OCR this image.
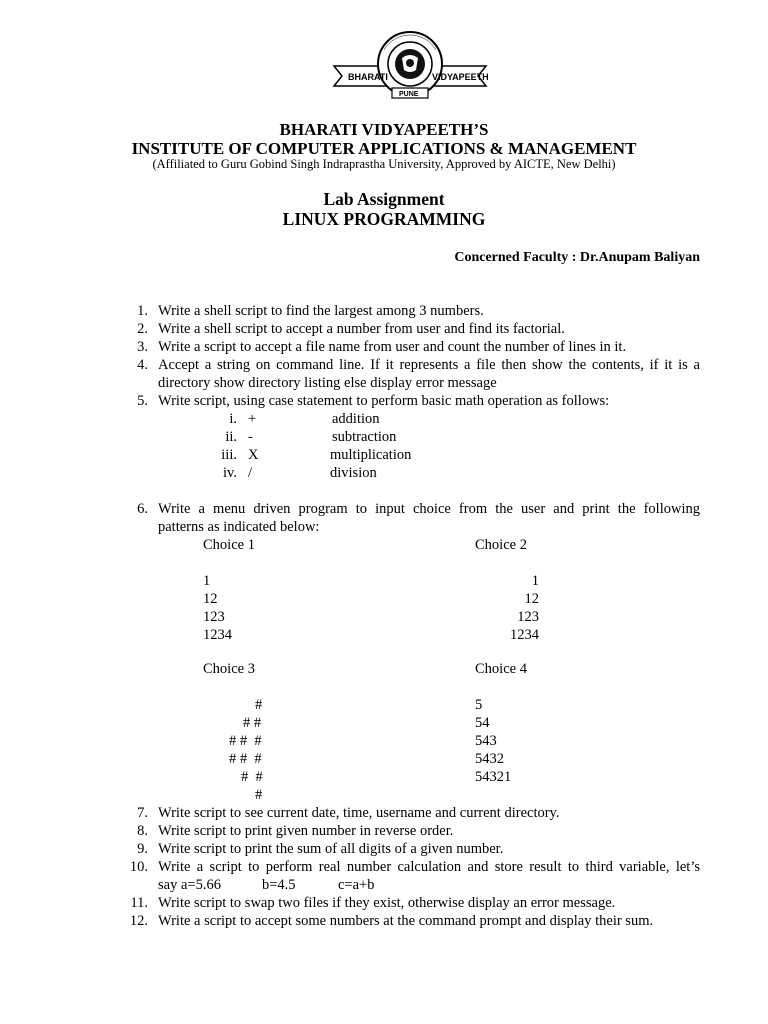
BHARATI	VIDYAPEETH
PUNE
BHARATI VIDYAPEETH’S
INSTITUTE OF COMPUTER APPLICATIONS & MANAGEMENT
(Affiliated to Guru Gobind Singh Indraprastha University, Approved by AICTE, New Delhi)
Lab Assignment
LINUX PROGRAMMING
Concerned Faculty : Dr.Anupam Baliyan
1. Write a shell script to find the largest among 3 numbers.
2. Write a shell script to accept a number from user and find its factorial.
3. Write a script to accept a file name from user and count the number of lines in it.
4. Accept a string on command line. If it represents a file then show the contents, if it is a
directory show directory listing else display error message
5. Write script, using case statement to perform basic math operation as follows:
i. +	addition
ii. -	subtraction
iii. X	multiplication
iv. /	division
6. Write a menu driven program to input choice from the user and print the following
patterns as indicated below:
Choice 1
1
12
123
1234
Choice 2
1
12
123
1234
Choice 3
#
# #
# #  #
# #  #
#  #
#
Choice 4
5
54
543
5432
54321
7. Write script to see current date, time, username and current directory.
8. Write script to print given number in reverse order.
9. Write script to print the sum of all digits of a given number.
10. Write a script to perform real number calculation and store result to third variable, let’s
say a=5.66	b=4.5	c=a+b
11. Write script to swap two files if they exist, otherwise display an error message.
12. Write a script to accept some numbers at the command prompt and display their sum.
